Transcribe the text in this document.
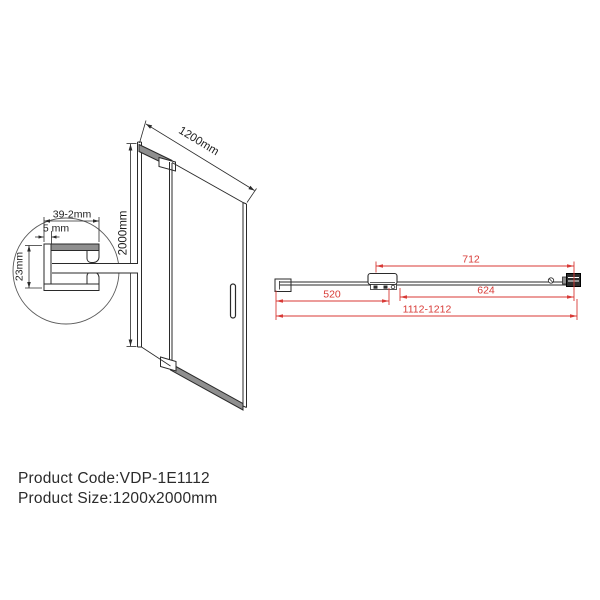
2000mm
1200mm
39-2mm
5 mm
23mm	712
624
520
1112-1212
Product Code:VDP-1E1112
Product Size:1200x2000mm
